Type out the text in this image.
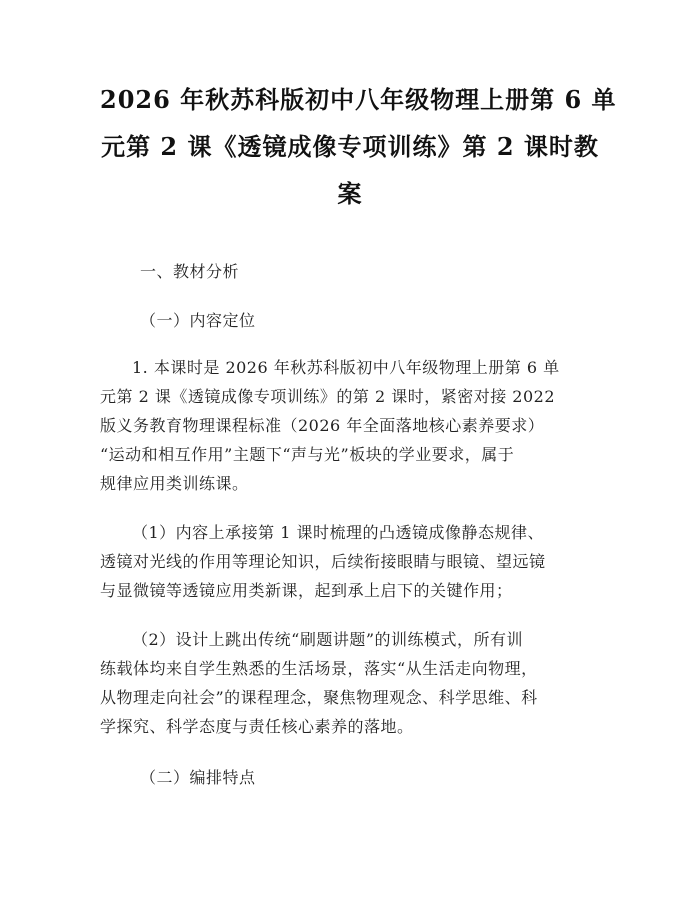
2026 年秋苏科版初中八年级物理上册第 6 单
元第 2 课《透镜成像专项训练》第 2 课时教
案

一、教材分析

（一）内容定位

1. 本课时是 2026 年秋苏科版初中八年级物理上册第 6 单
元第 2 课《透镜成像专项训练》的第 2 课时，紧密对接 2022
版义务教育物理课程标准（2026 年全面落地核心素养要求）
“运动和相互作用”主题下“声与光”板块的学业要求，属于
规律应用类训练课。

（1）内容上承接第 1 课时梳理的凸透镜成像静态规律、
透镜对光线的作用等理论知识，后续衔接眼睛与眼镜、望远镜
与显微镜等透镜应用类新课，起到承上启下的关键作用；

（2）设计上跳出传统“刷题讲题”的训练模式，所有训
练载体均来自学生熟悉的生活场景，落实“从生活走向物理，
从物理走向社会”的课程理念，聚焦物理观念、科学思维、科
学探究、科学态度与责任核心素养的落地。

（二）编排特点
